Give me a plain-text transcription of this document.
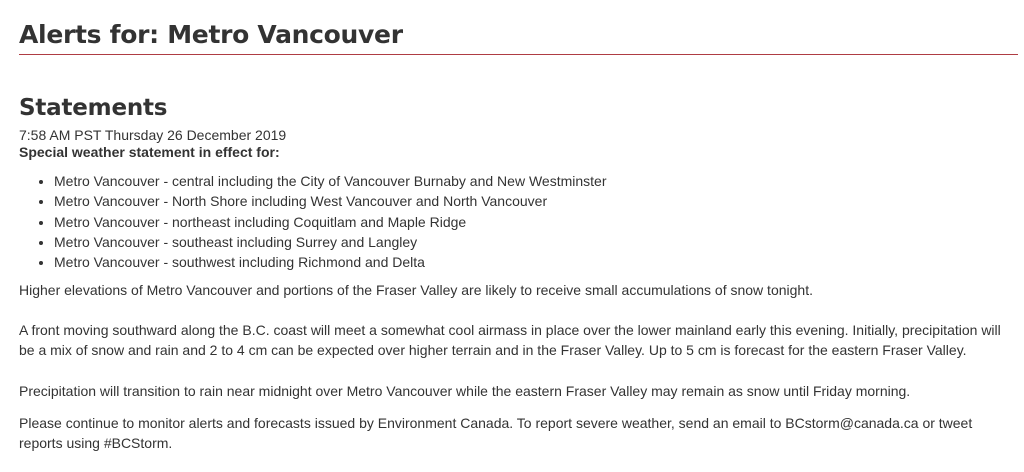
Alerts for: Metro Vancouver
Statements
7:58 AM PST Thursday 26 December 2019
Special weather statement in effect for:
• Metro Vancouver - central including the City of Vancouver Burnaby and New Westminster
• Metro Vancouver - North Shore including West Vancouver and North Vancouver
• Metro Vancouver - northeast including Coquitlam and Maple Ridge
• Metro Vancouver - southeast including Surrey and Langley
• Metro Vancouver - southwest including Richmond and Delta

Higher elevations of Metro Vancouver and portions of the Fraser Valley are likely to receive small accumulations of snow tonight.

A front moving southward along the B.C. coast will meet a somewhat cool airmass in place over the lower mainland early this evening. Initially, precipitation will be a mix of snow and rain and 2 to 4 cm can be expected over higher terrain and in the Fraser Valley. Up to 5 cm is forecast for the eastern Fraser Valley.

Precipitation will transition to rain near midnight over Metro Vancouver while the eastern Fraser Valley may remain as snow until Friday morning.

Please continue to monitor alerts and forecasts issued by Environment Canada. To report severe weather, send an email to BCstorm@canada.ca or tweet reports using #BCStorm.
